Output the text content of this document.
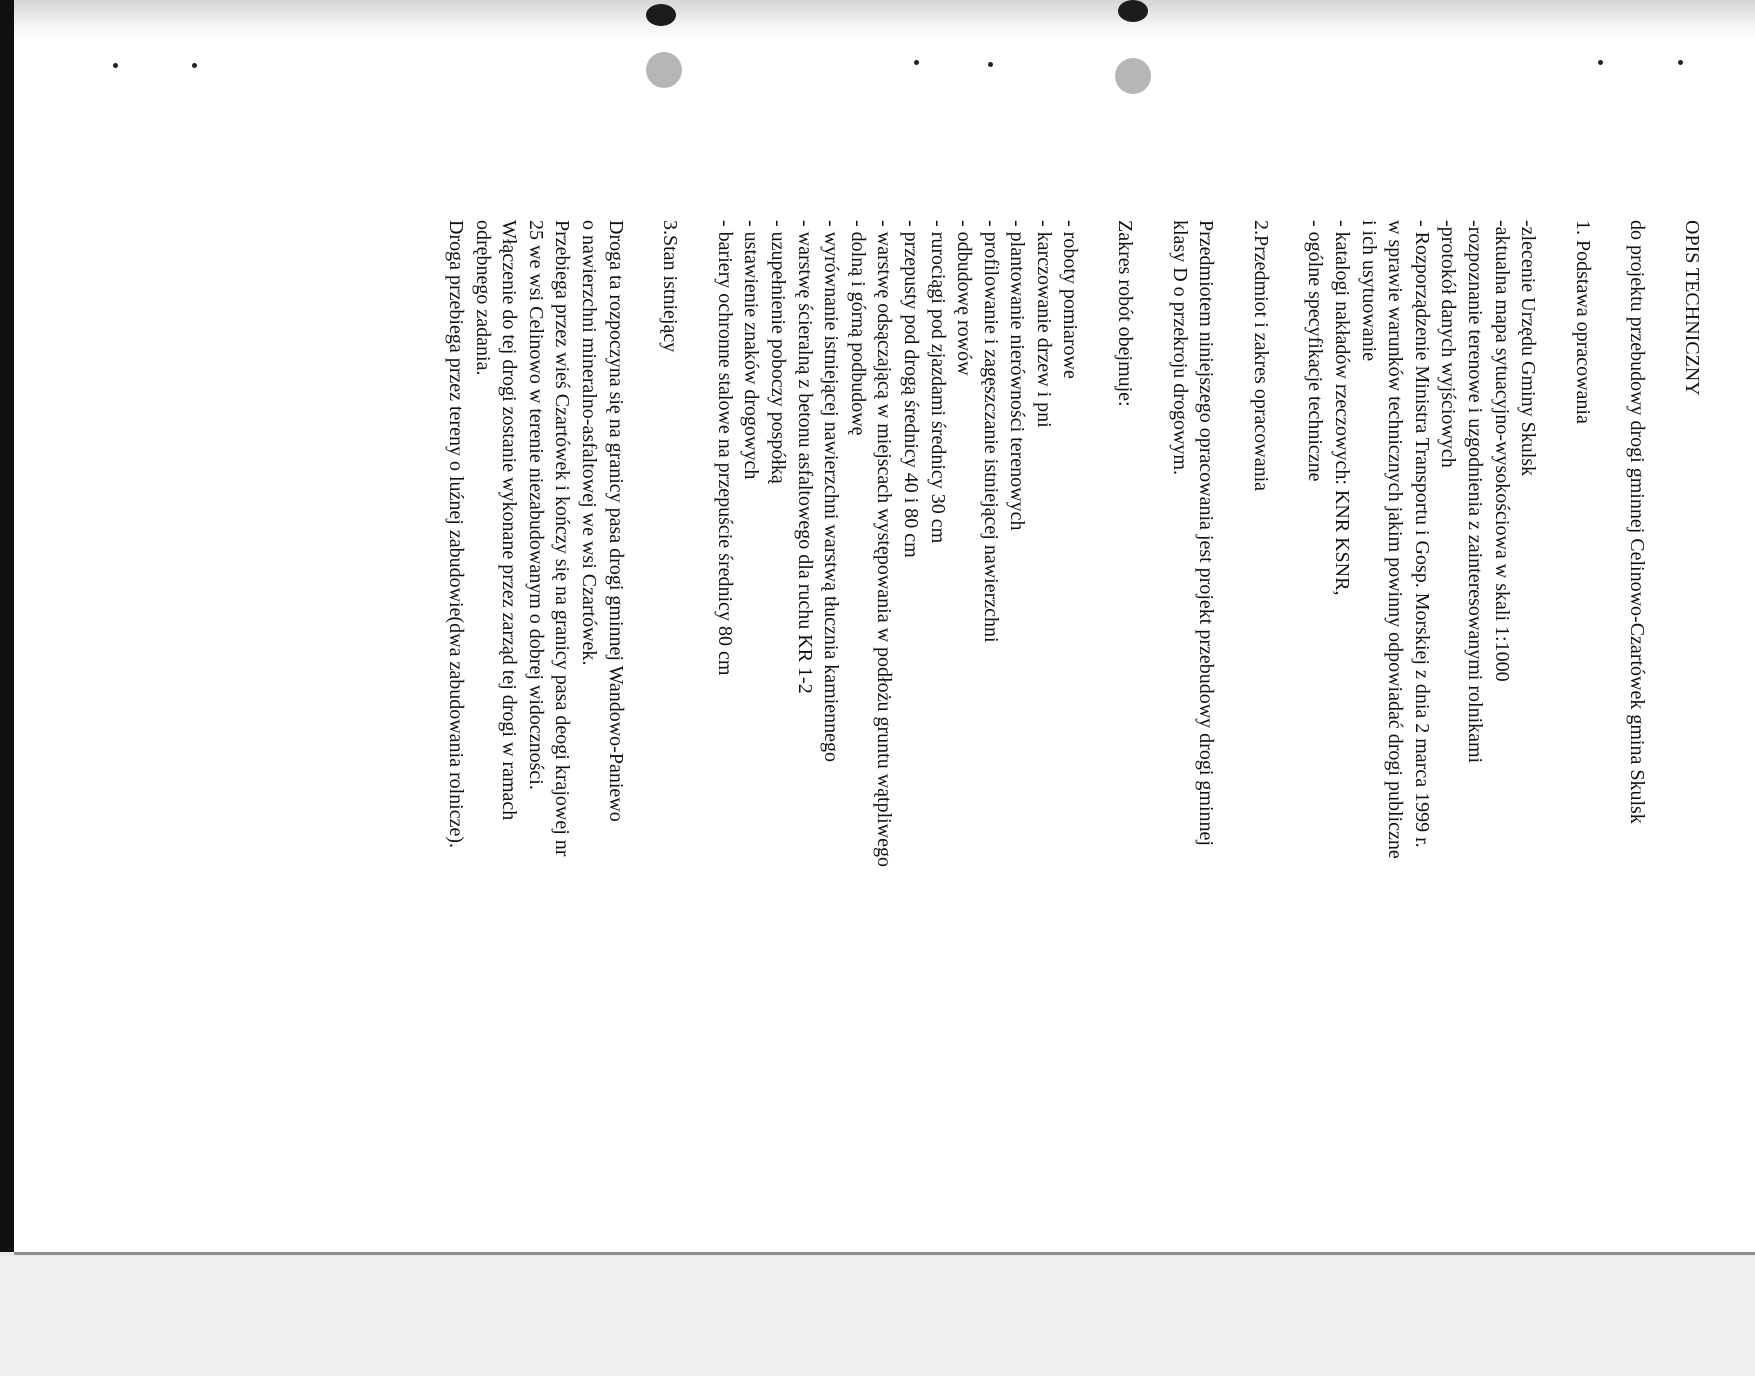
OPIS TECHNICZNY

do projektu przebudowy drogi gminnej Celinowo-Czartówek gmina Skulsk

1. Podstawa opracowania

-zlecenie Urzędu Gminy Skulsk

-aktualna mapa sytuacyjno-wysokościowa w skali 1:1000

-rozpoznanie terenowe i uzgodnienia z zainteresowanymi rolnikami

-protokół danych wyjściowych

- Rozporządzenie Ministra Transportu i Gosp. Morskiej z dnia 2 marca 1999 r.

w sprawie warunków technicznych jakim powinny odpowiadać drogi publiczne

i ich usytuowanie

- katalogi nakładów rzeczowych: KNR KSNR,

- ogólne specyfikacje techniczne

2.Przedmiot i zakres opracowania

Przedmiotem niniejszego opracowania jest projekt przebudowy drogi gminnej

klasy D o przekroju drogowym.

Zakres robót obejmuje:

- roboty pomiarowe

- karczowanie drzew i pni

- plantowanie nierówności terenowych

- profilowanie i zagęszczanie istniejącej nawierzchni

- odbudowę rowów

- rurociągi pod zjazdami średnicy 30 cm

- przepusty pod drogą średnicy 40 i 80 cm

- warstwę odsączającą w miejscach występowania w podłożu gruntu wątpliwego

- dolną i górną podbudowę

- wyrównanie istniejącej nawierzchni warstwą tłucznia kamiennego

- warstwę ścieralną z betonu asfaltowego dla ruchu KR 1-2

- uzupełnienie poboczy pospółką

- ustawienie znaków drogowych

- bariery ochronne stalowe na przepuście średnicy 80 cm

3.Stan istniejący

Droga ta rozpoczyna się na granicy pasa drogi gminnej Wandowo-Paniewo

o nawierzchni mineralno-asfaltowej we wsi Czartówek.

Przebiega przez wieś Czartówek i kończy się na granicy pasa deogi krajowej nr

25 we wsi Celinowo w terenie niezabudowanym o dobrej widoczności.

Włączenie do tej drogi zostanie wykonane przez zarząd tej drogi w ramach

odrębnego zadania.

Droga przebiega przez tereny o luźnej zabudowie(dwa zabudowania rolnicze).
